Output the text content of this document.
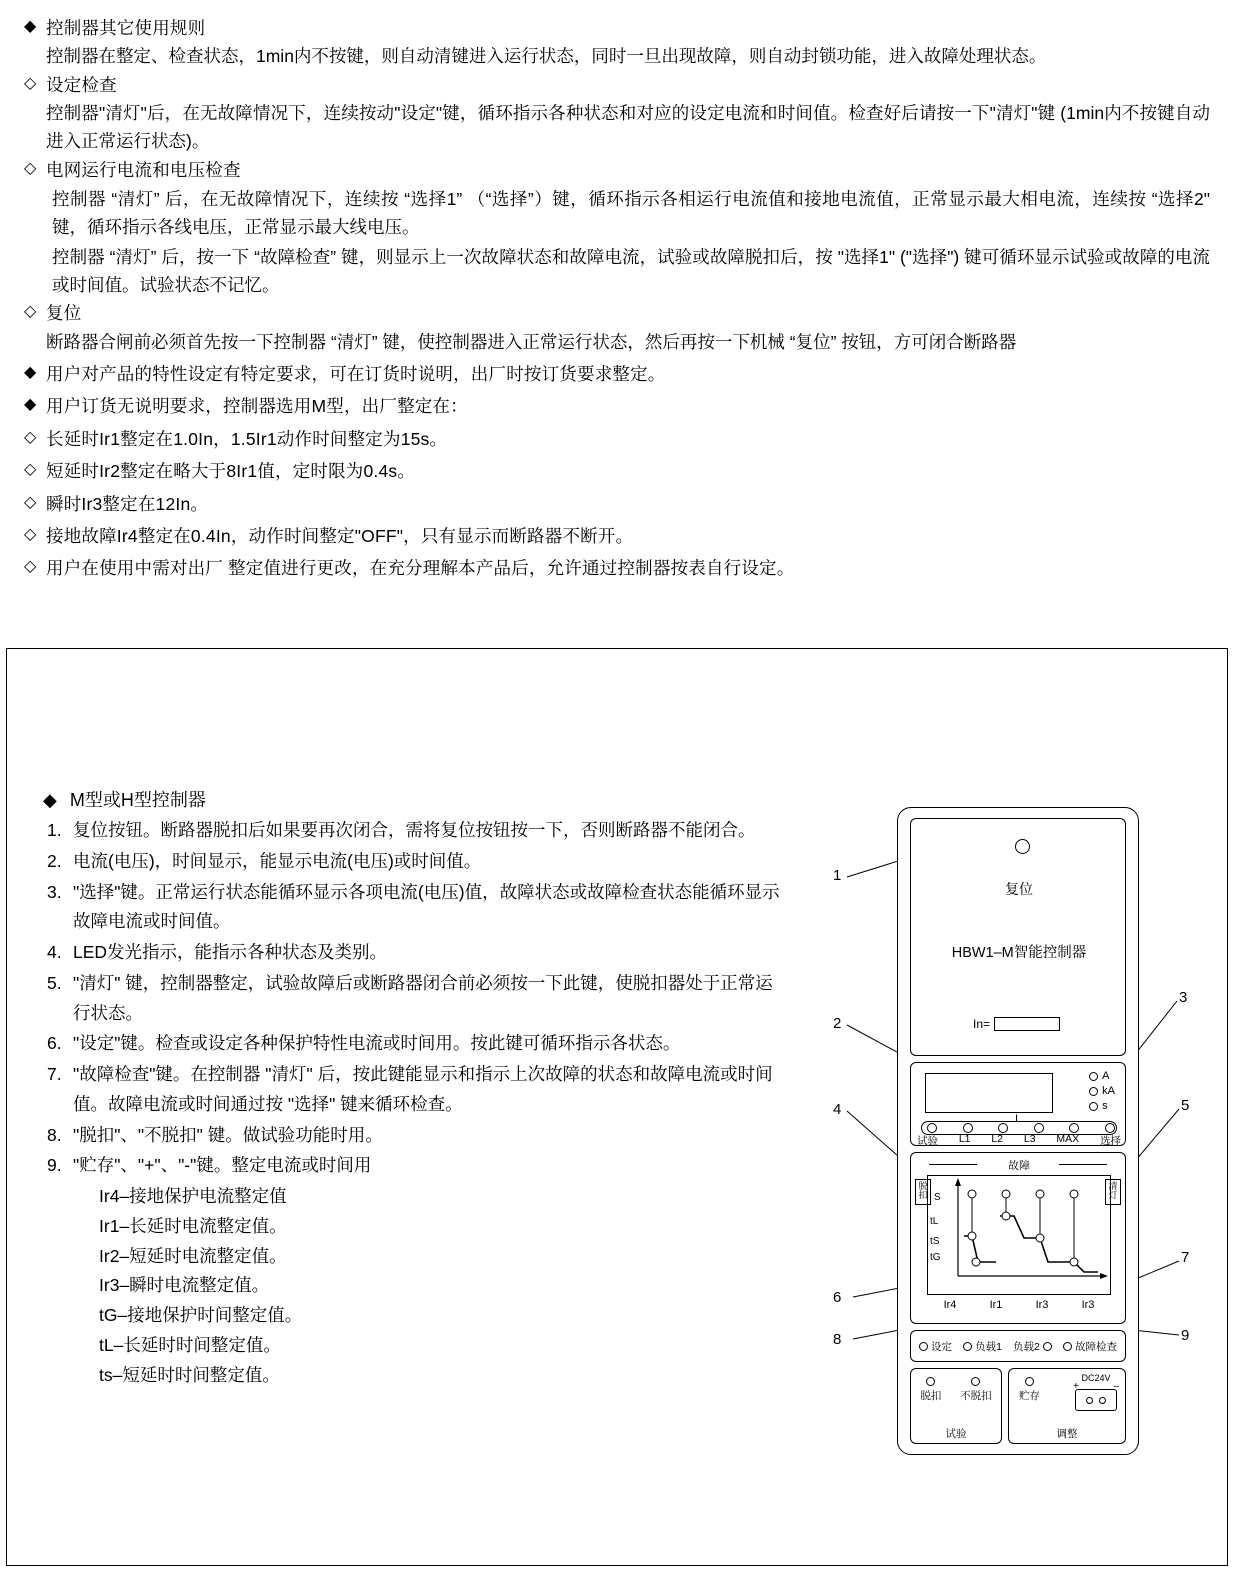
◆ 控制器其它使用规则
控制器在整定、检查状态，1min内不按键，则自动清键进入运行状态，同时一旦出现故障，则自动封锁功能，进入故障处理状态。
◇ 设定检查
控制器"清灯"后，在无故障情况下，连续按动"设定"键，循环指示各种状态和对应的设定电流和时间值。检查好后请按一下"清灯"键 (1min内不按键自动进入正常运行状态)。
◇ 电网运行电流和电压检查
控制器 “清灯” 后，在无故障情况下，连续按 “选择1” （“选择”）键，循环指示各相运行电流值和接地电流值，正常显示最大相电流，连续按 “选择2" 键，循环指示各线电压，正常显示最大线电压。
控制器 “清灯” 后，按一下 “故障检查” 键，则显示上一次故障状态和故障电流，试验或故障脱扣后，按 "选择1" ("选择") 键可循环显示试验或故障的电流或时间值。试验状态不记忆。
◇ 复位
断路器合闸前必须首先按一下控制器 “清灯” 键，使控制器进入正常运行状态，然后再按一下机械 “复位” 按钮，方可闭合断路器
◆ 用户对产品的特性设定有特定要求，可在订货时说明，出厂时按订货要求整定。
◆ 用户订货无说明要求，控制器选用M型，出厂整定在：
◇ 长延时Ir1整定在1.0In，1.5Ir1动作时间整定为15s。
◇ 短延时Ir2整定在略大于8Ir1值，定时限为0.4s。
◇ 瞬时Ir3整定在12In。
◇ 接地故障Ir4整定在0.4In，动作时间整定"OFF"，只有显示而断路器不断开。
◇ 用户在使用中需对出厂 整定值进行更改，在充分理解本产品后，允许通过控制器按表自行设定。
◆ M型或H型控制器
1. 复位按钮。断路器脱扣后如果要再次闭合，需将复位按钮按一下，否则断路器不能闭合。
2. 电流(电压)，时间显示，能显示电流(电压)或时间值。
3. "选择"键。正常运行状态能循环显示各项电流(电压)值，故障状态或故障检查状态能循环显示故障电流或时间值。
4. LED发光指示，能指示各种状态及类别。
5. "清灯" 键，控制器整定，试验故障后或断路器闭合前必须按一下此键，使脱扣器处于正常运行状态。
6. "设定"键。检查或设定各种保护特性电流或时间用。按此键可循环指示各状态。
7. "故障检查"键。在控制器 "清灯" 后，按此键能显示和指示上次故障的状态和故障电流或时间值。故障电流或时间通过按 "选择" 键来循环检查。
8. "脱扣"、"不脱扣" 键。做试验功能时用。
9. "贮存"、"+"、"-"键。整定电流或时间用
Ir4–接地保护电流整定值
Ir1–长延时电流整定值。
Ir2–短延时电流整定值。
Ir3–瞬时电流整定值。
tG–接地保护时间整定值。
tL–长延时时间整定值。
ts–短延时时间整定值。
1
2
3
4	5
6
7
8	9
复位
HBW1–M智能控制器
In=
A
kA
s
I
试验 L1 L2 L3 MAX 选择
故障
脱扣
清灯
S
tL
tS
tG
Ir4	Ir1	Ir3	Ir3
设定 负载1 负载2	故障检查
脱扣 不脱扣
试验
贮存
DC24V
+	–
调整
